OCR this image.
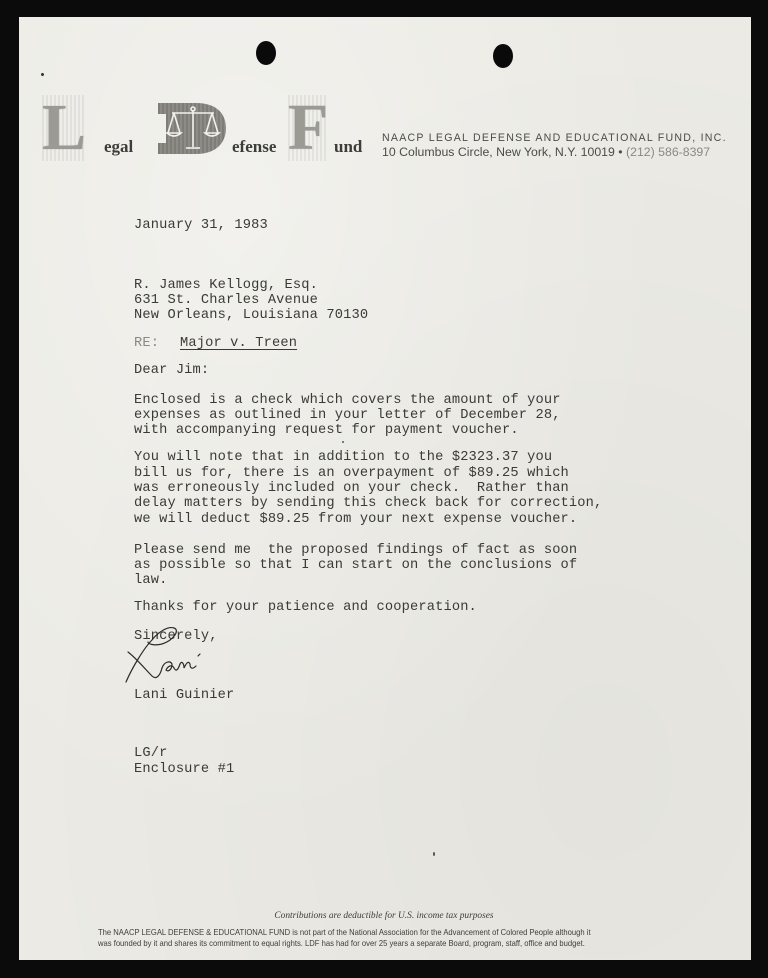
L egal	efense F und NAACP LEGAL DEFENSE AND EDUCATIONAL FUND, INC.
10 Columbus Circle, New York, N.Y. 10019 • (212) 586-8397
January 31, 1983
R. James Kellogg, Esq.
631 St. Charles Avenue
New Orleans, Louisiana 70130
RE: Major v. Treen
Dear Jim:
Enclosed is a check which covers the amount of your
expenses as outlined in your letter of December 28,
with accompanying request for payment voucher.
You will note that in addition to the $2323.37 you
bill us for, there is an overpayment of $89.25 which
was erroneously included on your check.  Rather than
delay matters by sending this check back for correction,
we will deduct $89.25 from your next expense voucher.
Please send me  the proposed findings of fact as soon
as possible so that I can start on the conclusions of
law.
Thanks for your patience and cooperation.
Sincerely,
Lani Guinier
LG/r
Enclosure #1
Contributions are deductible for U.S. income tax purposes
The NAACP LEGAL DEFENSE & EDUCATIONAL FUND is not part of the National Association for the Advancement of Colored People although it
was founded by it and shares its commitment to equal rights. LDF has had for over 25 years a separate Board, program, staff, office and budget.
